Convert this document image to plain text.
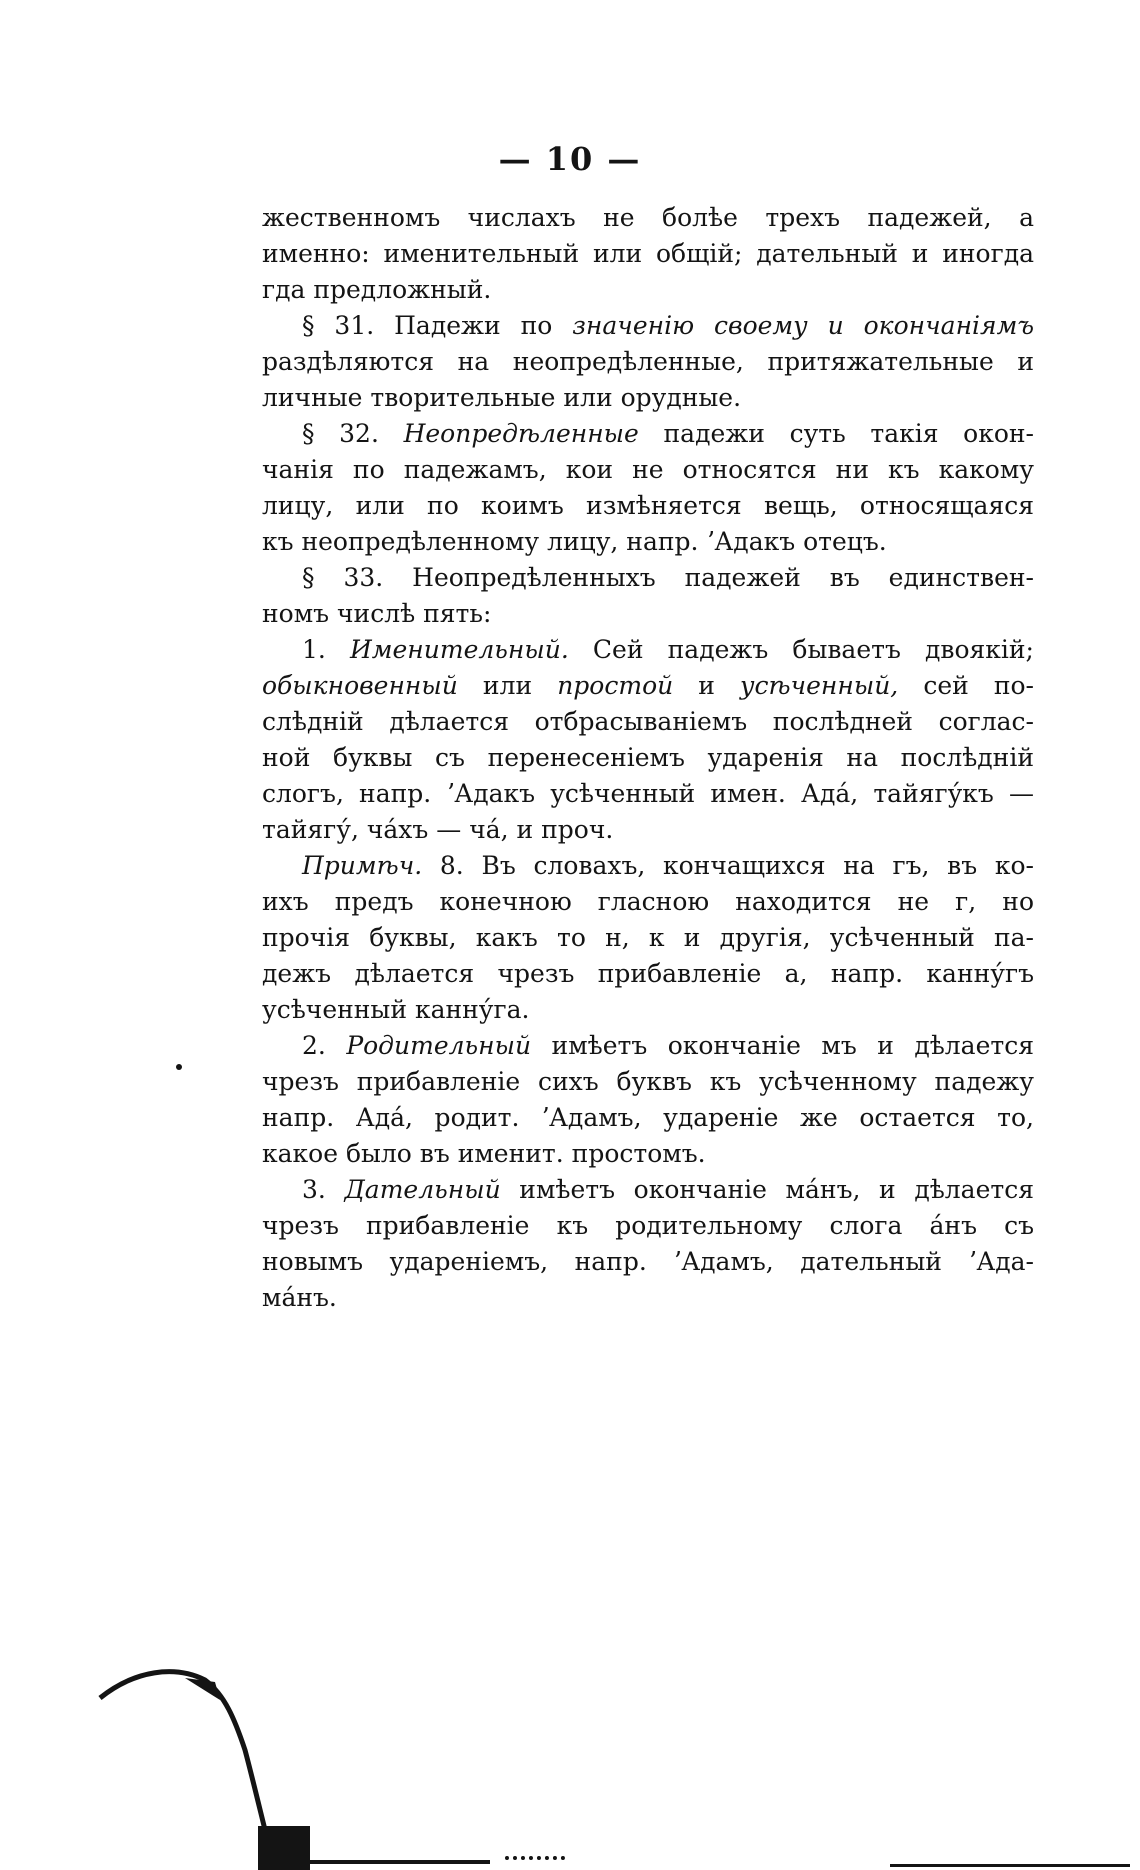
— 10 —
жественномъ числахъ не болѣе трехъ падежей, а
именно: именительный или общій; дательный и иногда
гда предложный.
§ 31. Падежи по значенію своему и окончаніямъ
раздѣляются на неопредѣленные, притяжательные и
личные творительные или орудные.
§ 32. Неопредѣленные падежи суть такія окон-
чанія по падежамъ, кои не относятся ни къ какому
лицу, или по коимъ измѣняется вещь, относящаяся
къ неопредѣленному лицу, напр. ʼАдакъ отецъ.
§ 33. Неопредѣленныхъ падежей въ единствен-
номъ числѣ пять:
1. Именительный. Сей падежъ бываетъ двоякій;
обыкновенный или простой и усѣченный, сей по-
слѣдній дѣлается отбрасываніемъ послѣдней соглас-
ной буквы съ перенесеніемъ ударенія на послѣдній
слогъ, напр. ʼАдакъ усѣченный имен. Ада́, тайягу́къ —
тайягу́, ча́хъ — ча́, и проч.
Примѣч. 8. Въ словахъ, кончащихся на гъ, въ ко-
ихъ предъ конечною гласною находится не г, но
прочія буквы, какъ то н, к и другія, усѣченный па-
дежъ дѣлается чрезъ прибавленіе а, напр. канну́гъ
усѣченный канну́га.
2. Родительный имѣетъ окончаніе мъ и дѣлается
чрезъ прибавленіе сихъ буквъ къ усѣченному падежу
напр. Ада́, родит. ʼАдамъ, удареніе же остается то,
какое было въ именит. простомъ.
3. Дательный имѣетъ окончаніе ма́нъ, и дѣлается
чрезъ прибавленіе къ родительному слога а́нъ съ
новымъ удареніемъ, напр. ʼАдамъ, дательный ʼАда-
ма́нъ.
